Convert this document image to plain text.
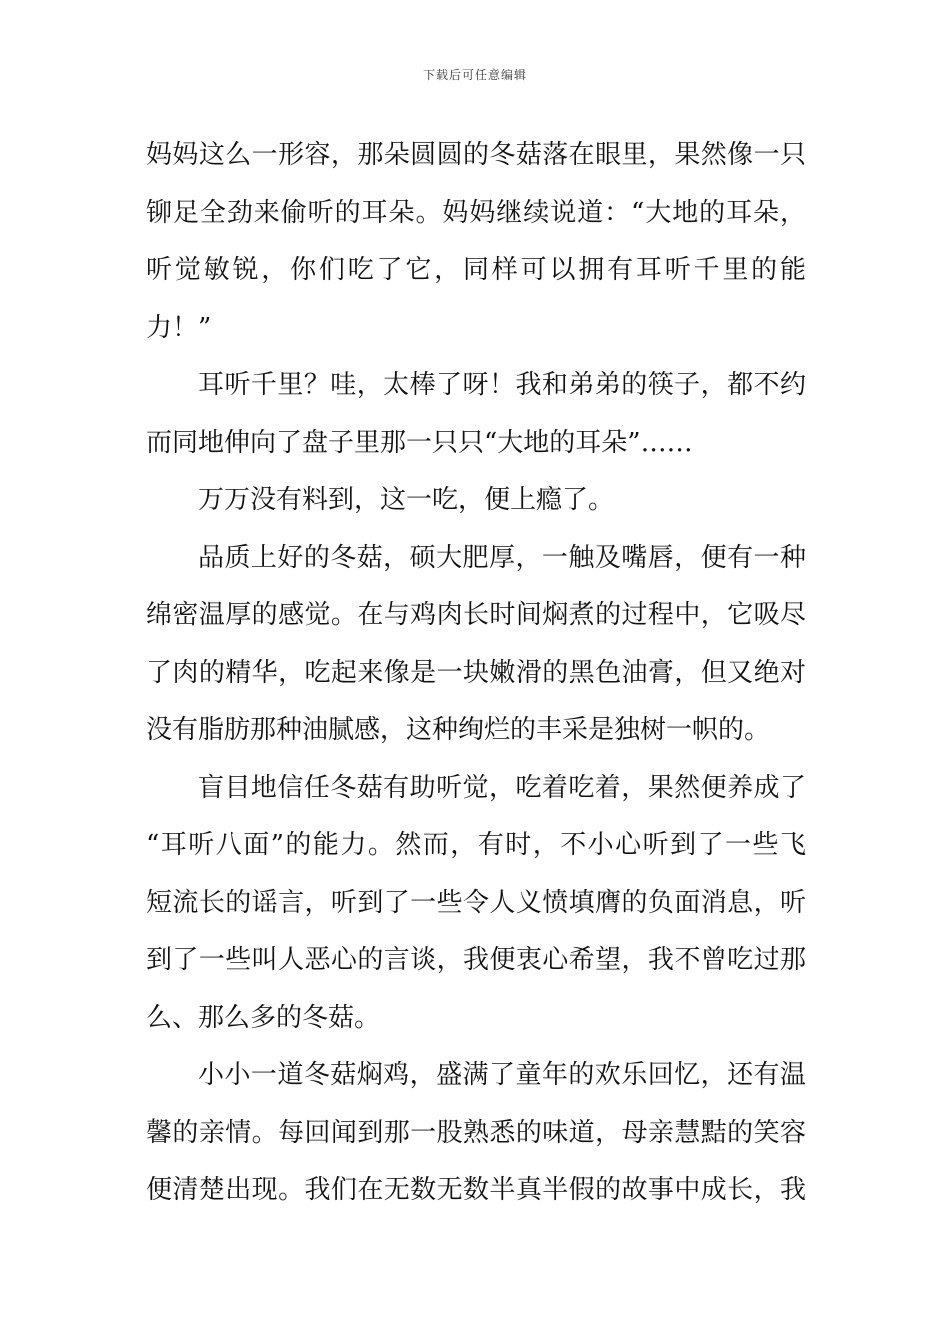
下载后可任意编辑
妈妈这么一形容，那朵圆圆的冬菇落在眼里，果然像一只
铆足全劲来偷听的耳朵。妈妈继续说道：“大地的耳朵，
听觉敏锐，你们吃了它，同样可以拥有耳听千里的能
力！”
耳听千里？哇，太棒了呀！我和弟弟的筷子，都不约
而同地伸向了盘子里那一只只“大地的耳朵”……
万万没有料到，这一吃，便上瘾了。
品质上好的冬菇，硕大肥厚，一触及嘴唇，便有一种
绵密温厚的感觉。在与鸡肉长时间焖煮的过程中，它吸尽
了肉的精华，吃起来像是一块嫩滑的黑色油膏，但又绝对
没有脂肪那种油腻感，这种绚烂的丰采是独树一帜的。
盲目地信任冬菇有助听觉，吃着吃着，果然便养成了
“耳听八面”的能力。然而，有时，不小心听到了一些飞
短流长的谣言，听到了一些令人义愤填膺的负面消息，听
到了一些叫人恶心的言谈，我便衷心希望，我不曾吃过那
么、那么多的冬菇。
小小一道冬菇焖鸡，盛满了童年的欢乐回忆，还有温
馨的亲情。每回闻到那一股熟悉的味道，母亲慧黠的笑容
便清楚出现。我们在无数无数半真半假的故事中成长，我
